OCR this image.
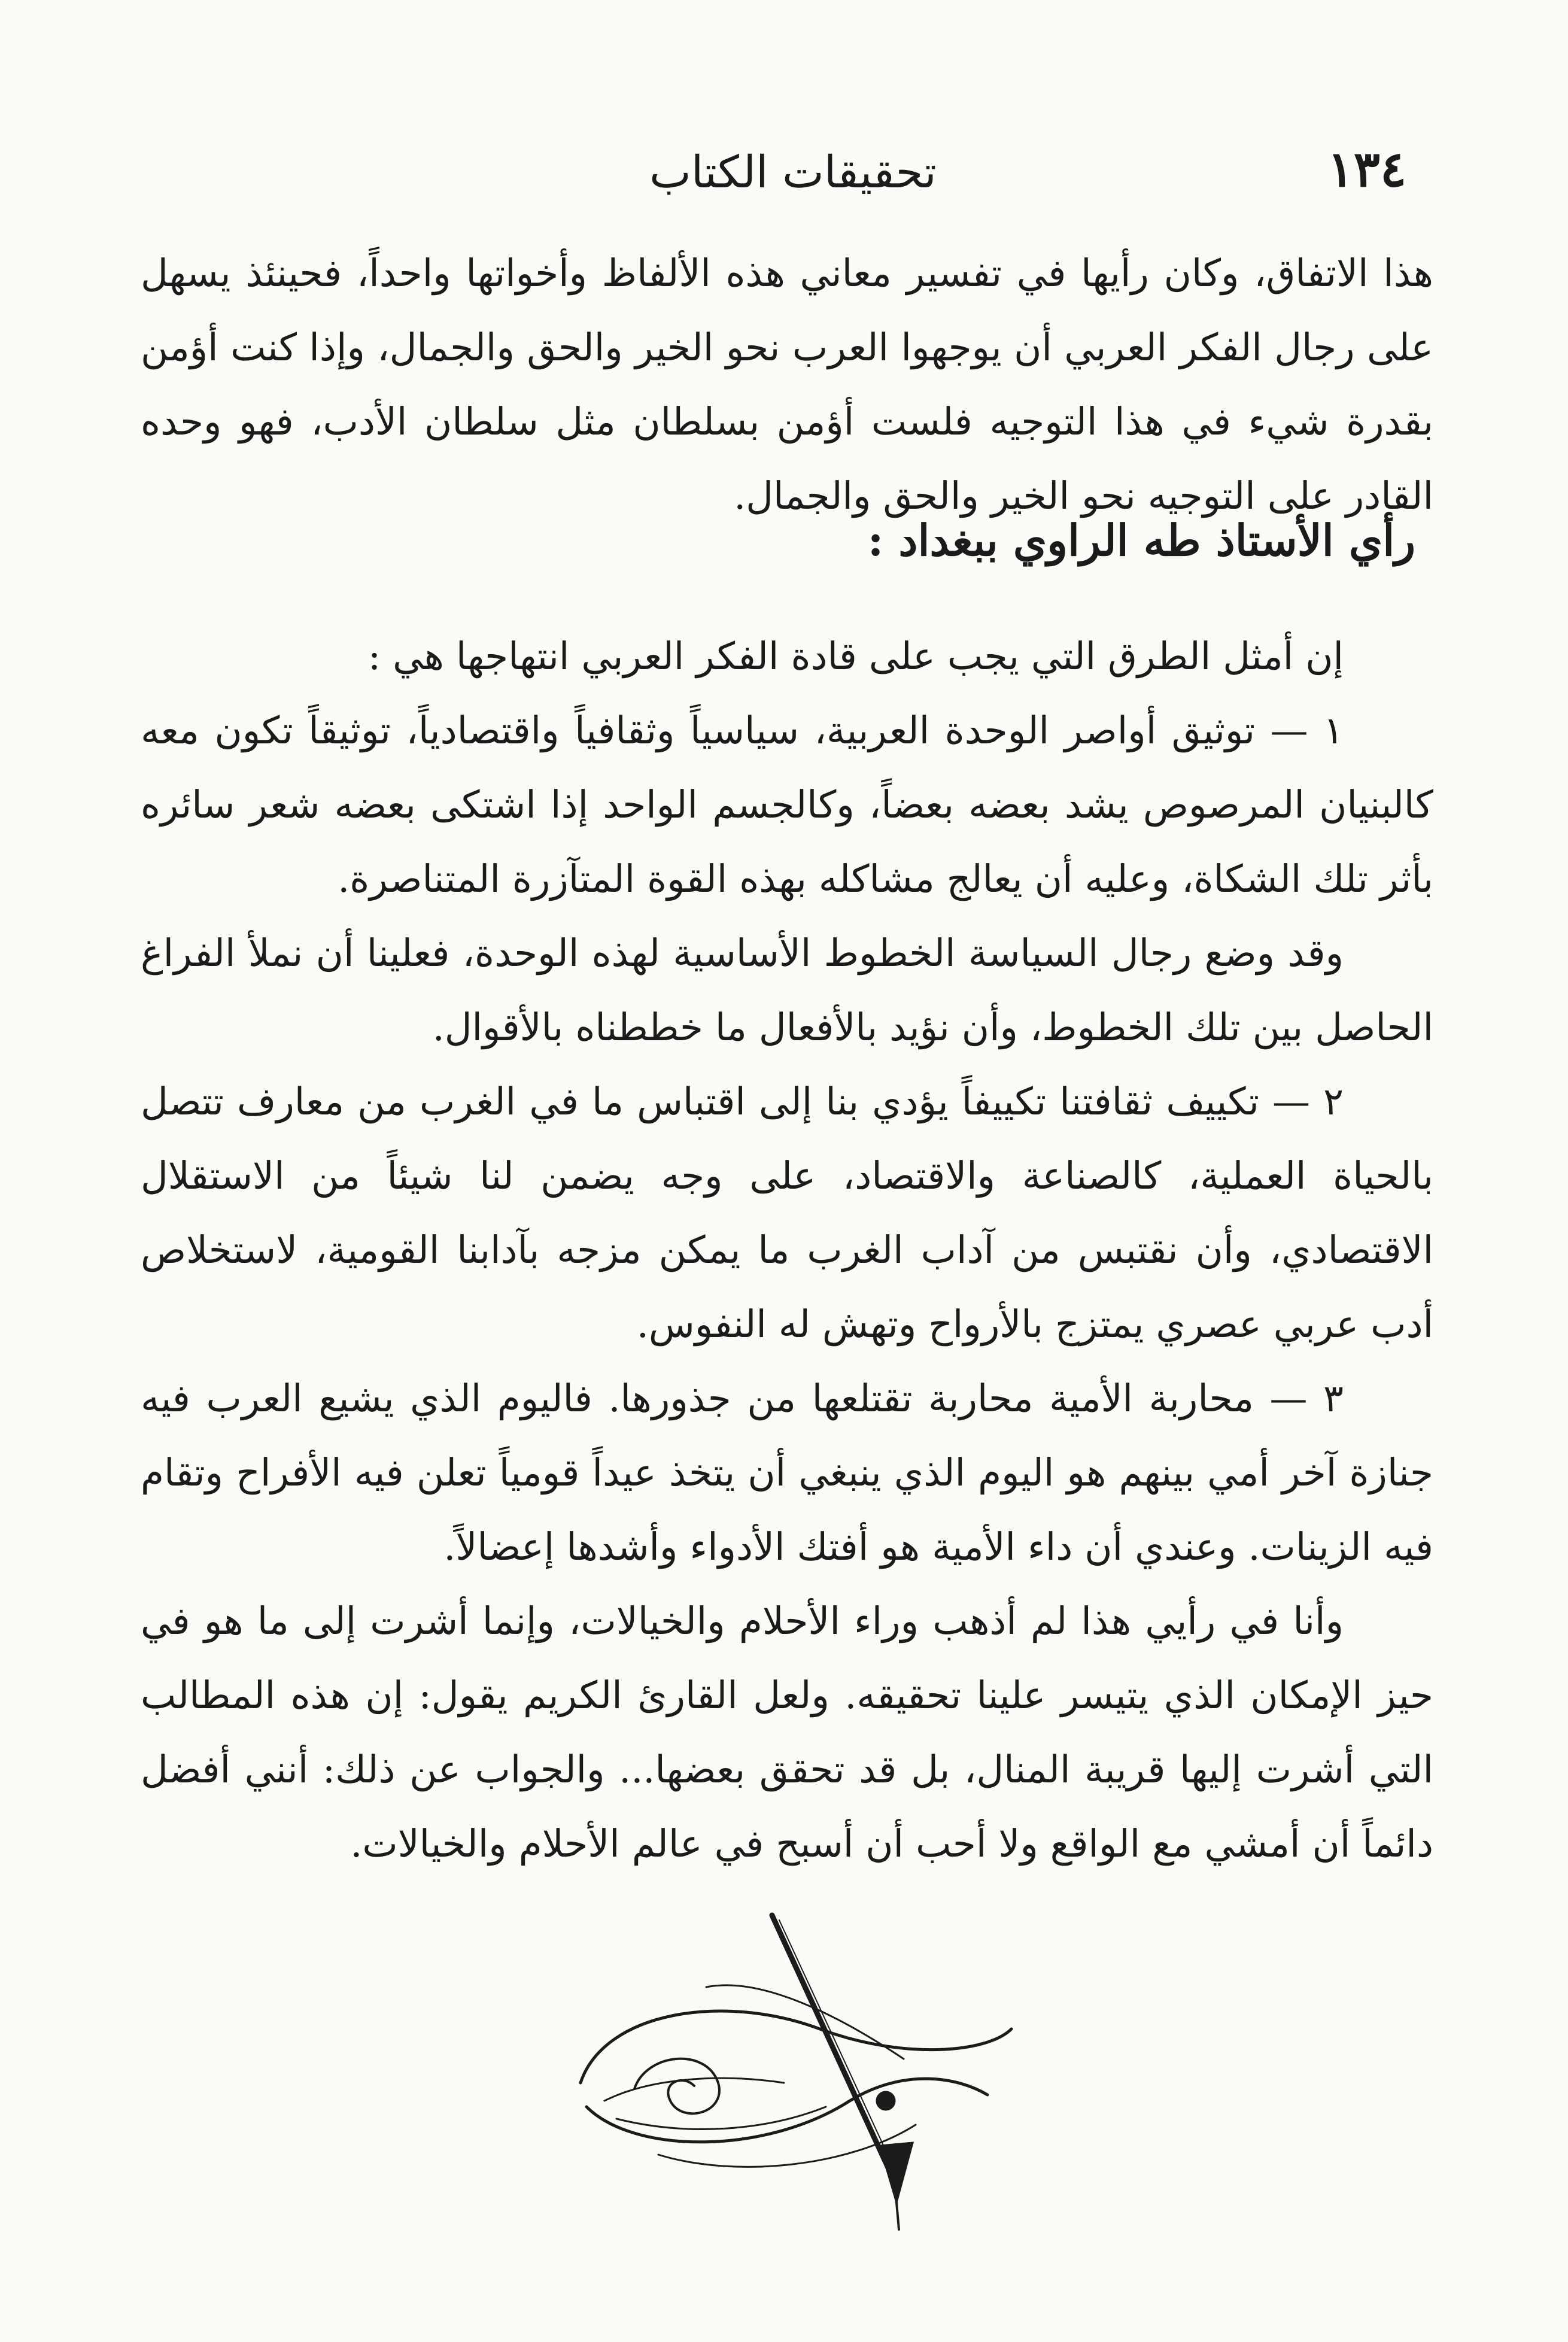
١٣٤
تحقيقات الكتاب

هذا الاتفاق، وكان رأيها في تفسير معاني هذه الألفاظ وأخواتها واحداً، فحينئذ يسهل على رجال الفكر العربي أن يوجهوا العرب نحو الخير والحق والجمال، وإذا كنت أؤمن بقدرة شيء في هذا التوجيه فلست أؤمن بسلطان مثل سلطان الأدب، فهو وحده القادر على التوجيه نحو الخير والحق والجمال.

رأي الأستاذ طه الراوي ببغداد :

إن أمثل الطرق التي يجب على قادة الفكر العربي انتهاجها هي :

١ — توثيق أواصر الوحدة العربية، سياسياً وثقافياً واقتصادياً، توثيقاً تكون معه كالبنيان المرصوص يشد بعضه بعضاً، وكالجسم الواحد إذا اشتكى بعضه شعر سائره بأثر تلك الشكاة، وعليه أن يعالج مشاكله بهذه القوة المتآزرة المتناصرة.

وقد وضع رجال السياسة الخطوط الأساسية لهذه الوحدة، فعلينا أن نملأ الفراغ الحاصل بين تلك الخطوط، وأن نؤيد بالأفعال ما خططناه بالأقوال.

٢ — تكييف ثقافتنا تكييفاً يؤدي بنا إلى اقتباس ما في الغرب من معارف تتصل بالحياة العملية، كالصناعة والاقتصاد، على وجه يضمن لنا شيئاً من الاستقلال الاقتصادي، وأن نقتبس من آداب الغرب ما يمكن مزجه بآدابنا القومية، لاستخلاص أدب عربي عصري يمتزج بالأرواح وتهش له النفوس.

٣ — محاربة الأمية محاربة تقتلعها من جذورها. فاليوم الذي يشيع العرب فيه جنازة آخر أمي بينهم هو اليوم الذي ينبغي أن يتخذ عيداً قومياً تعلن فيه الأفراح وتقام فيه الزينات. وعندي أن داء الأمية هو أفتك الأدواء وأشدها إعضالاً.

وأنا في رأيي هذا لم أذهب وراء الأحلام والخيالات، وإنما أشرت إلى ما هو في حيز الإمكان الذي يتيسر علينا تحقيقه. ولعل القارئ الكريم يقول: إن هذه المطالب التي أشرت إليها قريبة المنال، بل قد تحقق بعضها... والجواب عن ذلك: أنني أفضل دائماً أن أمشي مع الواقع ولا أحب أن أسبح في عالم الأحلام والخيالات.
